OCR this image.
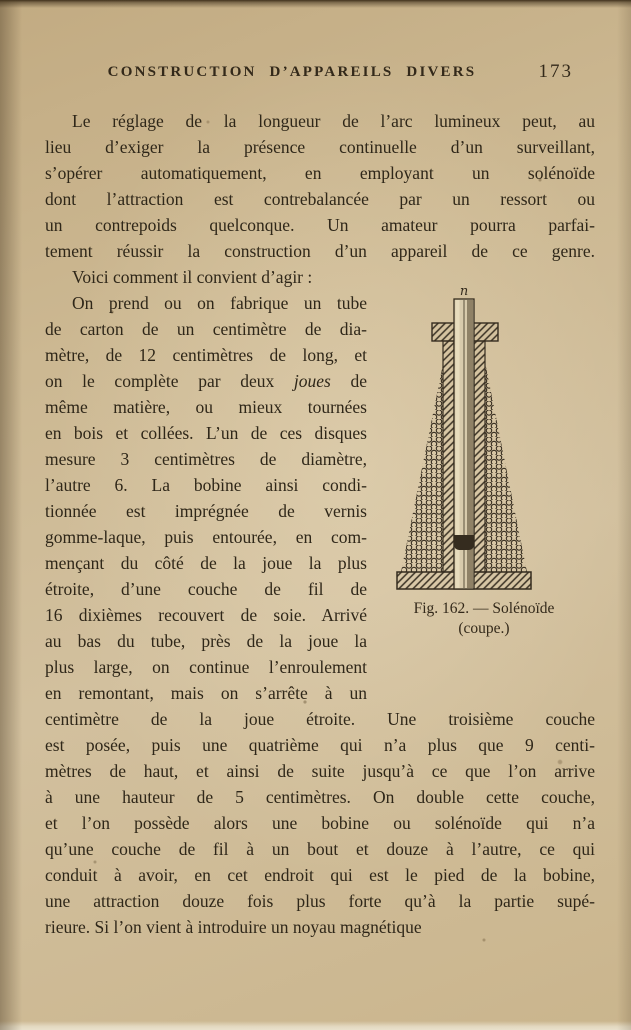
CONSTRUCTION D’APPAREILS DIVERS	173
Le réglage de la longueur de l’arc lumineux peut, au
lieu d’exiger la présence continuelle d’un surveillant,
s’opérer automatiquement, en employant un solénoïde
dont l’attraction est contrebalancée par un ressort ou
un contrepoids quelconque. Un amateur pourra parfai-
tement réussir la construction d’un appareil de ce genre.
Voici comment il convient d’agir :
n
Fig. 162. — Solénoïde
(coupe.)
On prend ou on fabrique un tube
de carton de un centimètre de dia-
mètre, de 12 centimètres de long, et
on le complète par deux joues de
même matière, ou mieux tournées
en bois et collées. L’un de ces disques
mesure 3 centimètres de diamètre,
l’autre 6. La bobine ainsi condi-
tionnée est imprégnée de vernis
gomme-laque, puis entourée, en com-
mençant du côté de la joue la plus
étroite, d’une couche de fil de
16 dixièmes recouvert de soie. Arrivé
au bas du tube, près de la joue la
plus large, on continue l’enroulement
en remontant, mais on s’arrête à un
centimètre de la joue étroite. Une troisième couche
est posée, puis une quatrième qui n’a plus que 9 centi-
mètres de haut, et ainsi de suite jusqu’à ce que l’on arrive
à une hauteur de 5 centimètres. On double cette couche,
et l’on possède alors une bobine ou solénoïde qui n’a
qu’une couche de fil à un bout et douze à l’autre, ce qui
conduit à avoir, en cet endroit qui est le pied de la bobine,
une attraction douze fois plus forte qu’à la partie supé-
rieure. Si l’on vient à introduire un noyau magnétique
